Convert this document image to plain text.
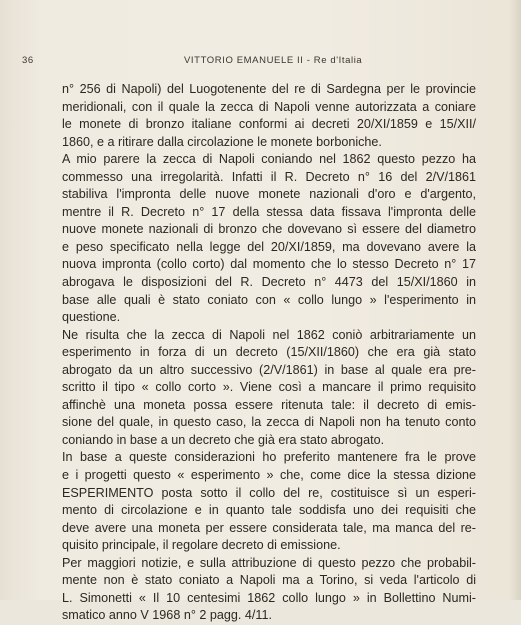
36	VITTORIO EMANUELE II - Re d'Italia
n° 256 di Napoli) del Luogotenente del re di Sardegna per le provincie
meridionali, con il quale la zecca di Napoli venne autorizzata a coniare
le monete di bronzo italiane conformi ai decreti 20/XI/1859 e 15/XII/
1860, e a ritirare dalla circolazione le monete borboniche.
A mio parere la zecca di Napoli coniando nel 1862 questo pezzo ha
commesso una irregolarità. Infatti il R. Decreto n° 16 del 2/V/1861
stabiliva l'impronta delle nuove monete nazionali d'oro e d'argento,
mentre il R. Decreto n° 17 della stessa data fissava l'impronta delle
nuove monete nazionali di bronzo che dovevano sì essere del diametro
e peso specificato nella legge del 20/XI/1859, ma dovevano avere la
nuova impronta (collo corto) dal momento che lo stesso Decreto n° 17
abrogava le disposizioni del R. Decreto n° 4473 del 15/XI/1860 in
base alle quali è stato coniato con « collo lungo » l'esperimento in
questione.
Ne risulta che la zecca di Napoli nel 1862 coniò arbitrariamente un
esperimento in forza di un decreto (15/XII/1860) che era già stato
abrogato da un altro successivo (2/V/1861) in base al quale era pre-
scritto il tipo « collo corto ». Viene così a mancare il primo requisito
affinchè una moneta possa essere ritenuta tale: il decreto di emis-
sione del quale, in questo caso, la zecca di Napoli non ha tenuto conto
coniando in base a un decreto che già era stato abrogato.
In base a queste considerazioni ho preferito mantenere fra le prove
e i progetti questo « esperimento » che, come dice la stessa dizione
ESPERIMENTO posta sotto il collo del re, costituisce sì un esperi-
mento di circolazione e in quanto tale soddisfa uno dei requisiti che
deve avere una moneta per essere considerata tale, ma manca del re-
quisito principale, il regolare decreto di emissione.
Per maggiori notizie, e sulla attribuzione di questo pezzo che probabil-
mente non è stato coniato a Napoli ma a Torino, si veda l'articolo di
L. Simonetti « Il 10 centesimi 1862 collo lungo » in Bollettino Numi-
smatico anno V 1968 n° 2 pagg. 4/11.
